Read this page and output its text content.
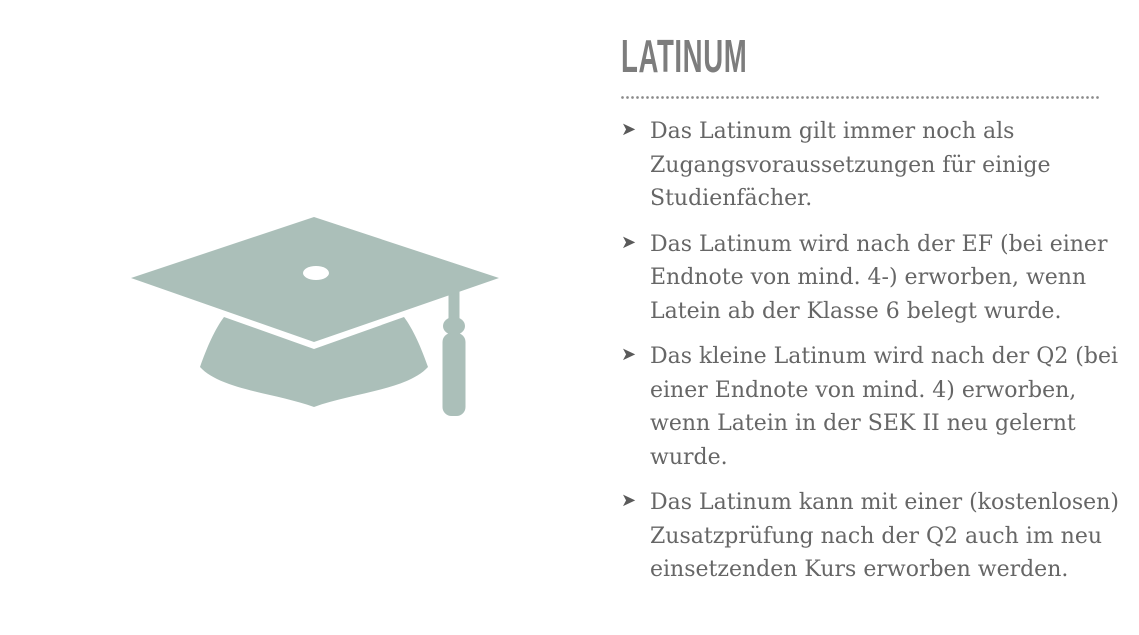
LATINUM
➤ Das Latinum gilt immer noch als
Zugangsvoraussetzungen für einige
Studienfächer.
➤ Das Latinum wird nach der EF (bei einer
Endnote von mind. 4-) erworben, wenn
Latein ab der Klasse 6 belegt wurde.
➤ Das kleine Latinum wird nach der Q2 (bei
einer Endnote von mind. 4) erworben,
wenn Latein in der SEK II neu gelernt
wurde.
➤ Das Latinum kann mit einer (kostenlosen)
Zusatzprüfung nach der Q2 auch im neu
einsetzenden Kurs erworben werden.
